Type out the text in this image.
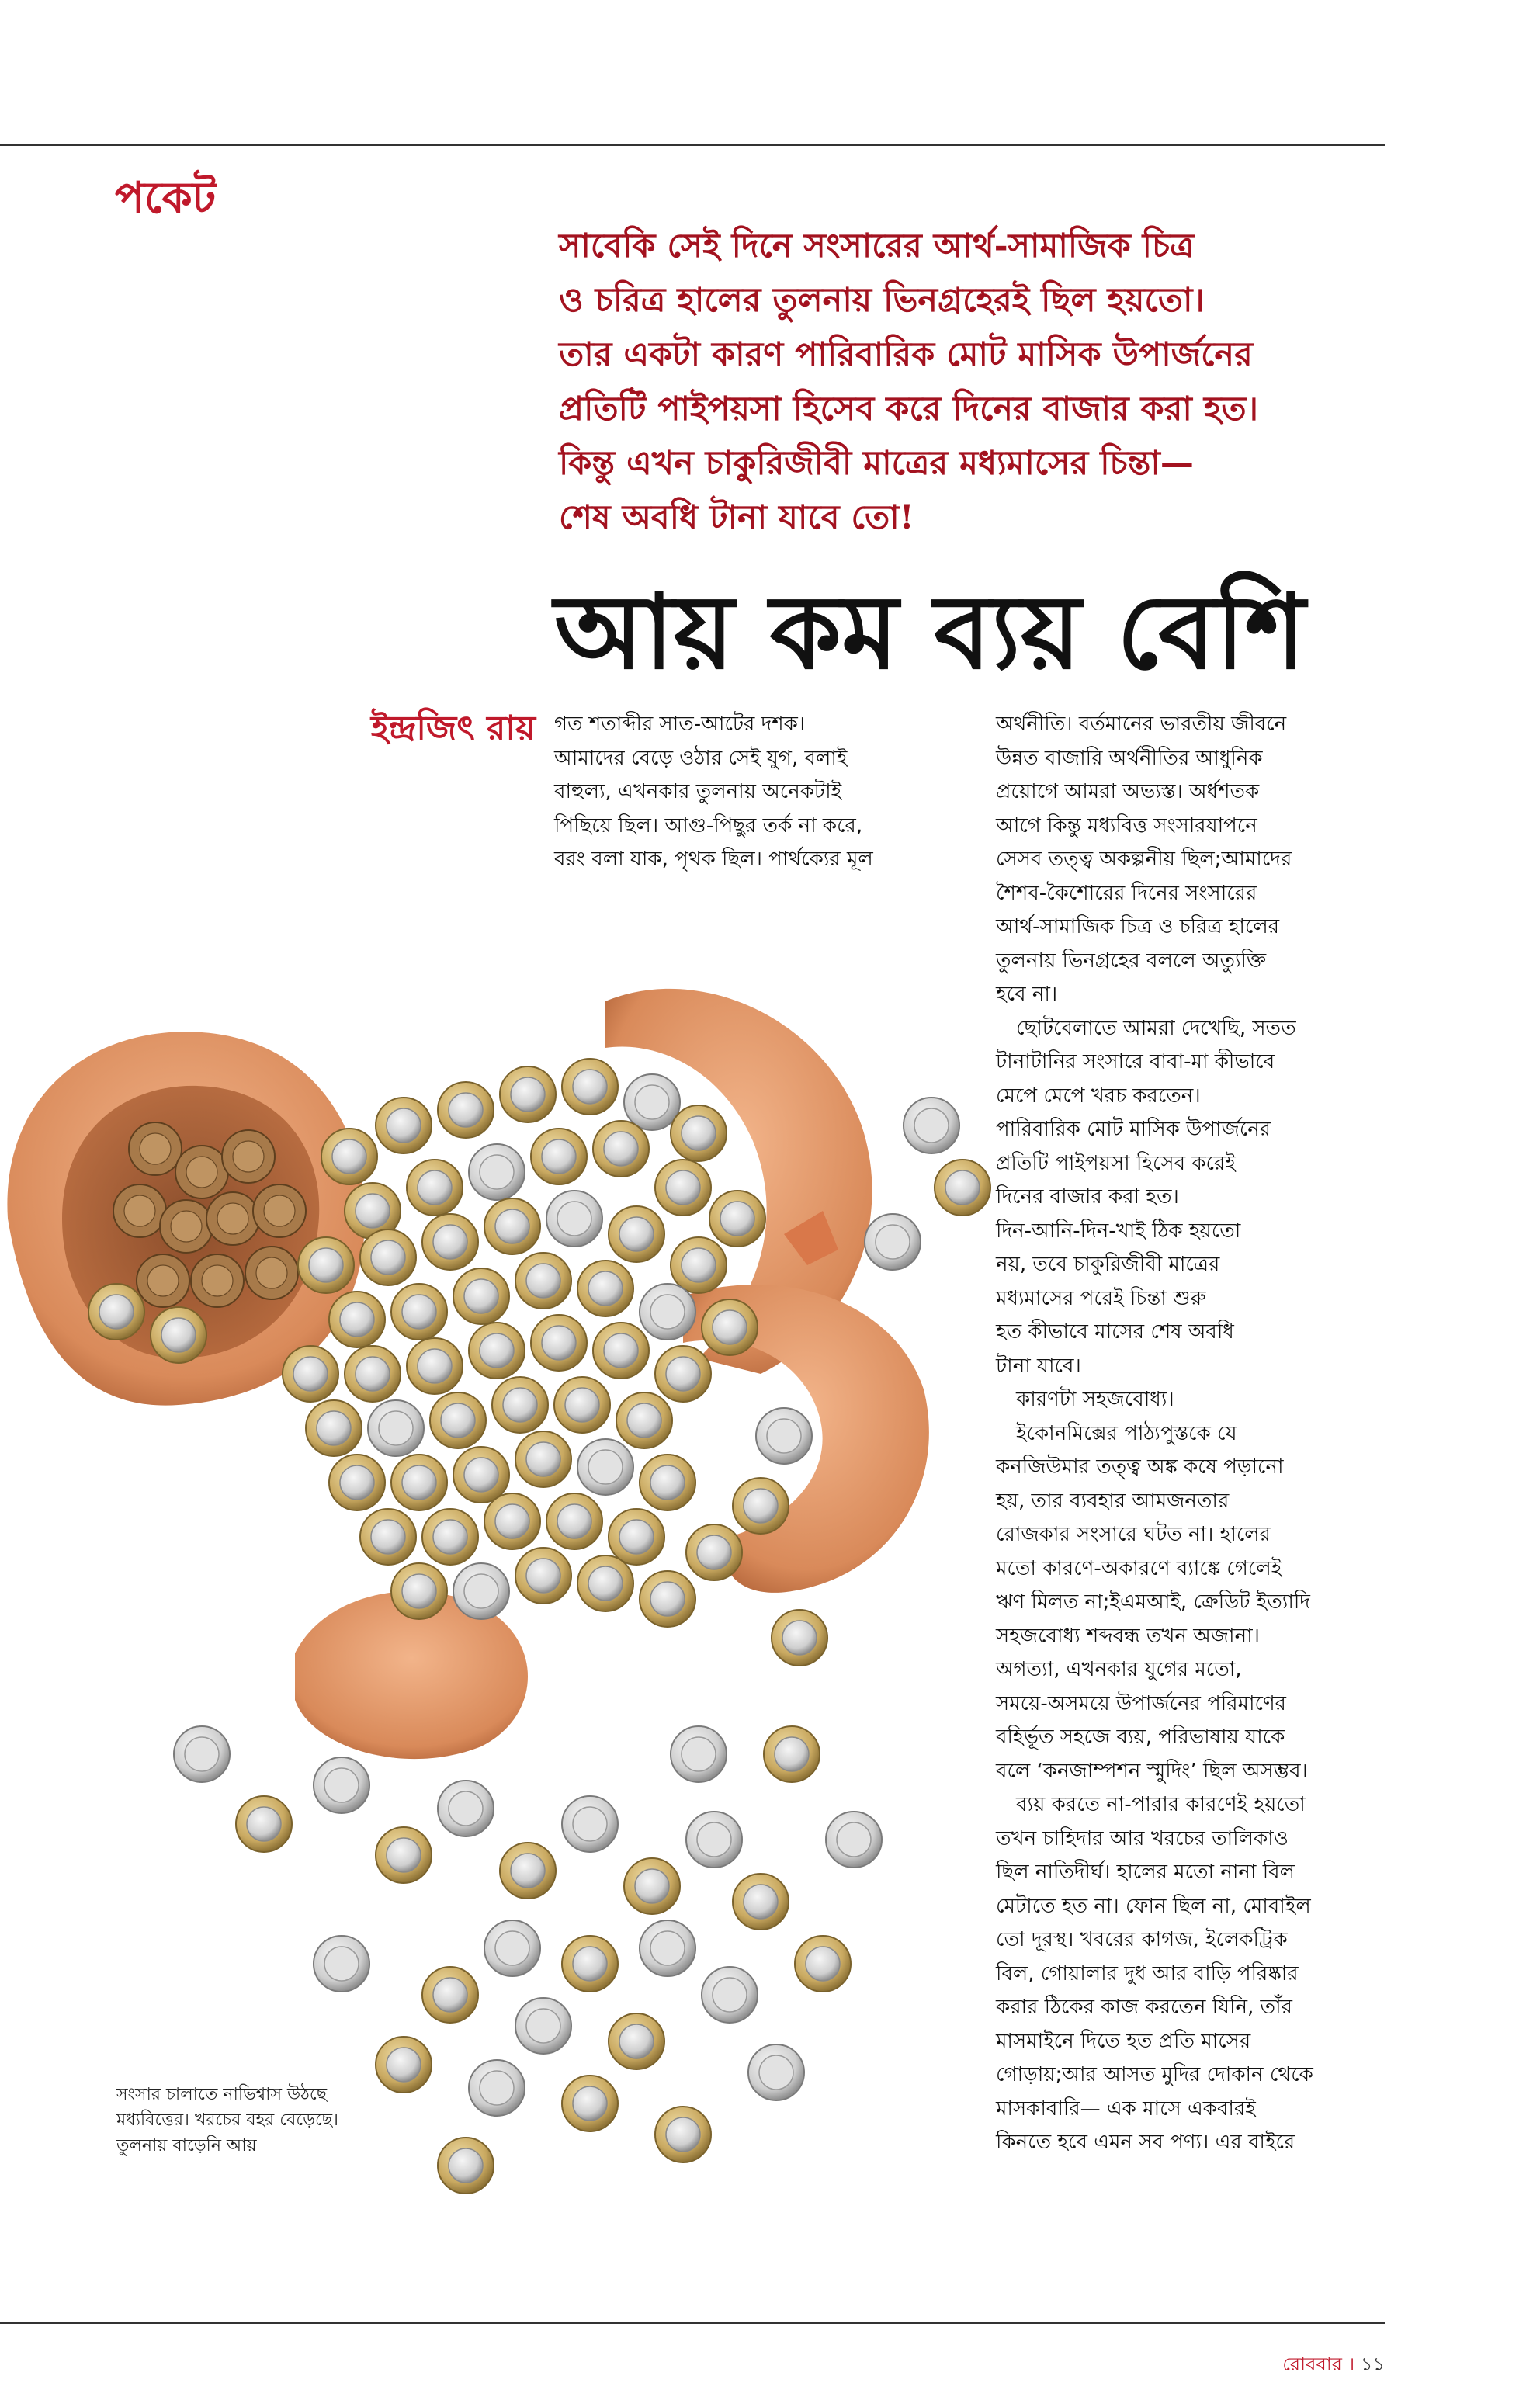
পকেট
সাবেকি সেই দিনে সংসারের আর্থ-সামাজিক চিত্র
ও চরিত্র হালের তুলনায় ভিনগ্রহেরই ছিল হয়তো।
তার একটা কারণ পারিবারিক মোট মাসিক উপার্জনের
প্রতিটি পাইপয়সা হিসেব করে দিনের বাজার করা হত।
কিন্তু এখন চাকুরিজীবী মাত্রের মধ্যমাসের চিন্তা—
শেষ অবধি টানা যাবে তো!
আয় কম ব্যয় বেশি
ইন্দ্রজিৎ রায় গত শতাব্দীর সাত-আটের দশক।
আমাদের বেড়ে ওঠার সেই যুগ, বলাই
বাহুল্য, এখনকার তুলনায় অনেকটাই
পিছিয়ে ছিল। আগু-পিছুর তর্ক না করে,
বরং বলা যাক, পৃথক ছিল। পার্থক্যের মূল
অর্থনীতি। বর্তমানের ভারতীয় জীবনে
উন্নত বাজারি অর্থনীতির আধুনিক
প্রয়োগে আমরা অভ্যস্ত। অর্ধশতক
আগে কিন্তু মধ্যবিত্ত সংসারযাপনে
সেসব তত্ত্ব অকল্পনীয় ছিল;আমাদের
শৈশব-কৈশোরের দিনের সংসারের
আর্থ-সামাজিক চিত্র ও চরিত্র হালের
তুলনায় ভিনগ্রহের বললে অত্যুক্তি
হবে না।
ছোটবেলাতে আমরা দেখেছি, সতত
টানাটানির সংসারে বাবা-মা কীভাবে
মেপে মেপে খরচ করতেন।
পারিবারিক মোট মাসিক উপার্জনের
প্রতিটি পাইপয়সা হিসেব করেই
দিনের বাজার করা হত।
দিন-আনি-দিন-খাই ঠিক হয়তো
নয়, তবে চাকুরিজীবী মাত্রের
মধ্যমাসের পরেই চিন্তা শুরু
হত কীভাবে মাসের শেষ অবধি
টানা যাবে।
কারণটা সহজবোধ্য।
ইকোনমিক্সের পাঠ্যপুস্তকে যে
কনজিউমার তত্ত্ব অঙ্ক কষে পড়ানো
হয়, তার ব্যবহার আমজনতার
রোজকার সংসারে ঘটত না। হালের
মতো কারণে-অকারণে ব্যাঙ্কে গেলেই
ঋণ মিলত না;ইএমআই, ক্রেডিট ইত্যাদি
সহজবোধ্য শব্দবন্ধ তখন অজানা।
অগত্যা, এখনকার যুগের মতো,
সময়ে-অসময়ে উপার্জনের পরিমাণের
বহির্ভূত সহজে ব্যয়, পরিভাষায় যাকে
বলে ‘কনজাম্পশন স্মুদিং’ ছিল অসম্ভব।
ব্যয় করতে না-পারার কারণেই হয়তো
তখন চাহিদার আর খরচের তালিকাও
ছিল নাতিদীর্ঘ। হালের মতো নানা বিল
মেটাতে হত না। ফোন ছিল না, মোবাইল
তো দূরস্থ। খবরের কাগজ, ইলেকট্রিক
বিল, গোয়ালার দুধ আর বাড়ি পরিষ্কার
করার ঠিকের কাজ করতেন যিনি, তাঁর
মাসমাইনে দিতে হত প্রতি মাসের
গোড়ায়;আর আসত মুদির দোকান থেকে
মাসকাবারি— এক মাসে একবারই
কিনতে হবে এমন সব পণ্য। এর বাইরে
সংসার চালাতে নাভিশ্বাস উঠছে
মধ্যবিত্তের। খরচের বহর বেড়েছে।
তুলনায় বাড়েনি আয়
রোববার । ১১
